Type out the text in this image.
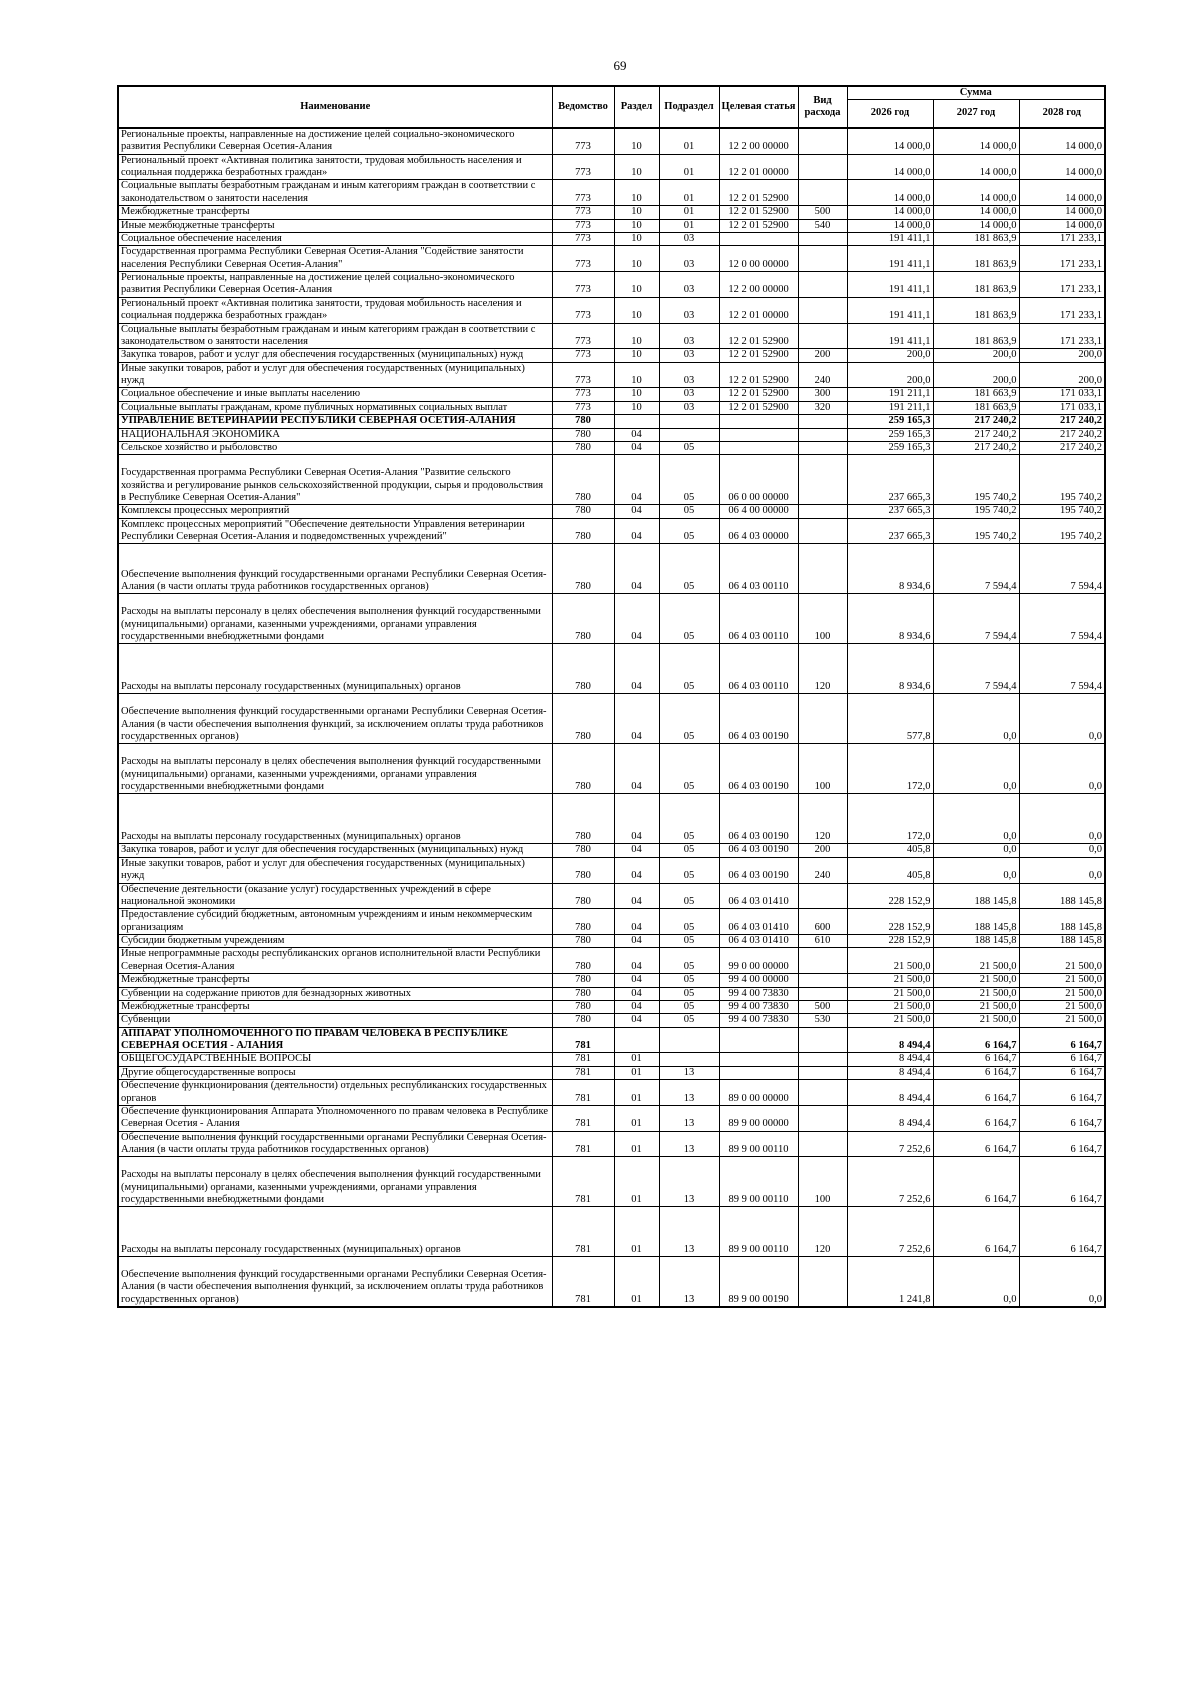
69
Наименование	Ведомство	Раздел	Подраздел	Целевая статья	Вид расхода	Сумма		
						2026 год	2027 год	2028 год
Региональные проекты, направленные на достижение целей социально-экономического развития Республики Северная Осетия-Алания	773	10	01	12 2 00 00000		14 000,0	14 000,0	14 000,0
Региональный проект «Активная политика занятости, трудовая мобильность населения и социальная поддержка безработных граждан»	773	10	01	12 2 01 00000		14 000,0	14 000,0	14 000,0
Социальные выплаты безработным гражданам и иным категориям граждан в соответствии с законодательством о занятости населения	773	10	01	12 2 01 52900		14 000,0	14 000,0	14 000,0
Межбюджетные трансферты	773	10	01	12 2 01 52900	500	14 000,0	14 000,0	14 000,0
Иные межбюджетные трансферты	773	10	01	12 2 01 52900	540	14 000,0	14 000,0	14 000,0
Социальное обеспечение населения	773	10	03			191 411,1	181 863,9	171 233,1
Государственная программа Республики Северная Осетия-Алания "Содействие занятости населения Республики Северная Осетия-Алания"	773	10	03	12 0 00 00000		191 411,1	181 863,9	171 233,1
Региональные проекты, направленные на достижение целей социально-экономического развития Республики Северная Осетия-Алания	773	10	03	12 2 00 00000		191 411,1	181 863,9	171 233,1
Региональный проект «Активная политика занятости, трудовая мобильность населения и социальная поддержка безработных граждан»	773	10	03	12 2 01 00000		191 411,1	181 863,9	171 233,1
Социальные выплаты безработным гражданам и иным категориям граждан в соответствии с законодательством о занятости населения	773	10	03	12 2 01 52900		191 411,1	181 863,9	171 233,1
Закупка товаров, работ и услуг для обеспечения государственных (муниципальных) нужд	773	10	03	12 2 01 52900	200	200,0	200,0	200,0
Иные закупки товаров, работ и услуг для обеспечения государственных (муниципальных) нужд	773	10	03	12 2 01 52900	240	200,0	200,0	200,0
Социальное обеспечение и иные выплаты населению	773	10	03	12 2 01 52900	300	191 211,1	181 663,9	171 033,1
Социальные выплаты гражданам, кроме публичных нормативных социальных выплат	773	10	03	12 2 01 52900	320	191 211,1	181 663,9	171 033,1
УПРАВЛЕНИЕ ВЕТЕРИНАРИИ РЕСПУБЛИКИ СЕВЕРНАЯ ОСЕТИЯ-АЛАНИЯ	780					259 165,3	217 240,2	217 240,2
НАЦИОНАЛЬНАЯ ЭКОНОМИКА	780	04				259 165,3	217 240,2	217 240,2
Сельское хозяйство и рыболовство	780	04	05			259 165,3	217 240,2	217 240,2
Государственная программа Республики Северная Осетия-Алания "Развитие сельского хозяйства и регулирование рынков сельскохозяйственной продукции, сырья и продовольствия в Республике Северная Осетия-Алания"	780	04	05	06 0 00 00000		237 665,3	195 740,2	195 740,2
Комплексы процессных мероприятий	780	04	05	06 4 00 00000		237 665,3	195 740,2	195 740,2
Комплекс процессных мероприятий "Обеспечение деятельности Управления ветеринарии Республики Северная Осетия-Алания и подведомственных учреждений"	780	04	05	06 4 03 00000		237 665,3	195 740,2	195 740,2
Обеспечение выполнения функций государственными органами Республики Северная Осетия-Алания (в части оплаты труда работников государственных органов)	780	04	05	06 4 03 00110		8 934,6	7 594,4	7 594,4
Расходы на выплаты персоналу в целях обеспечения выполнения функций государственными (муниципальными) органами, казенными учреждениями, органами управления государственными внебюджетными фондами	780	04	05	06 4 03 00110	100	8 934,6	7 594,4	7 594,4
Расходы на выплаты персоналу государственных (муниципальных) органов	780	04	05	06 4 03 00110	120	8 934,6	7 594,4	7 594,4
Обеспечение выполнения функций государственными органами Республики Северная Осетия-Алания (в части обеспечения выполнения функций, за исключением оплаты труда работников государственных органов)	780	04	05	06 4 03 00190		577,8	0,0	0,0
Расходы на выплаты персоналу в целях обеспечения выполнения функций государственными (муниципальными) органами, казенными учреждениями, органами управления государственными внебюджетными фондами	780	04	05	06 4 03 00190	100	172,0	0,0	0,0
Расходы на выплаты персоналу государственных (муниципальных) органов	780	04	05	06 4 03 00190	120	172,0	0,0	0,0
Закупка товаров, работ и услуг для обеспечения государственных (муниципальных) нужд	780	04	05	06 4 03 00190	200	405,8	0,0	0,0
Иные закупки товаров, работ и услуг для обеспечения государственных (муниципальных) нужд	780	04	05	06 4 03 00190	240	405,8	0,0	0,0
Обеспечение деятельности (оказание услуг) государственных учреждений в сфере национальной экономики	780	04	05	06 4 03 01410		228 152,9	188 145,8	188 145,8
Предоставление субсидий бюджетным, автономным учреждениям и иным некоммерческим организациям	780	04	05	06 4 03 01410	600	228 152,9	188 145,8	188 145,8
Субсидии бюджетным учреждениям	780	04	05	06 4 03 01410	610	228 152,9	188 145,8	188 145,8
Иные непрограммные расходы республиканских органов исполнительной власти Республики Северная Осетия-Алания	780	04	05	99 0 00 00000		21 500,0	21 500,0	21 500,0
Межбюджетные трансферты	780	04	05	99 4 00 00000		21 500,0	21 500,0	21 500,0
Субвенции на содержание приютов для безнадзорных животных	780	04	05	99 4 00 73830		21 500,0	21 500,0	21 500,0
Межбюджетные трансферты	780	04	05	99 4 00 73830	500	21 500,0	21 500,0	21 500,0
Субвенции	780	04	05	99 4 00 73830	530	21 500,0	21 500,0	21 500,0
АППАРАТ УПОЛНОМОЧЕННОГО ПО ПРАВАМ ЧЕЛОВЕКА В РЕСПУБЛИКЕ СЕВЕРНАЯ ОСЕТИЯ - АЛАНИЯ	781					8 494,4	6 164,7	6 164,7
ОБЩЕГОСУДАРСТВЕННЫЕ ВОПРОСЫ	781	01				8 494,4	6 164,7	6 164,7
Другие общегосударственные вопросы	781	01	13			8 494,4	6 164,7	6 164,7
Обеспечение функционирования (деятельности) отдельных республиканских государственных органов	781	01	13	89 0 00 00000		8 494,4	6 164,7	6 164,7
Обеспечение функционирования Аппарата Уполномоченного по правам человека в Республике Северная Осетия - Алания	781	01	13	89 9 00 00000		8 494,4	6 164,7	6 164,7
Обеспечение выполнения функций государственными органами Республики Северная Осетия-Алания (в части оплаты труда работников государственных органов)	781	01	13	89 9 00 00110		7 252,6	6 164,7	6 164,7
Расходы на выплаты персоналу в целях обеспечения выполнения функций государственными (муниципальными) органами, казенными учреждениями, органами управления государственными внебюджетными фондами	781	01	13	89 9 00 00110	100	7 252,6	6 164,7	6 164,7
Расходы на выплаты персоналу государственных (муниципальных) органов	781	01	13	89 9 00 00110	120	7 252,6	6 164,7	6 164,7
Обеспечение выполнения функций государственными органами Республики Северная Осетия-Алания (в части обеспечения выполнения функций, за исключением оплаты труда работников государственных органов)	781	01	13	89 9 00 00190		1 241,8	0,0	0,0
